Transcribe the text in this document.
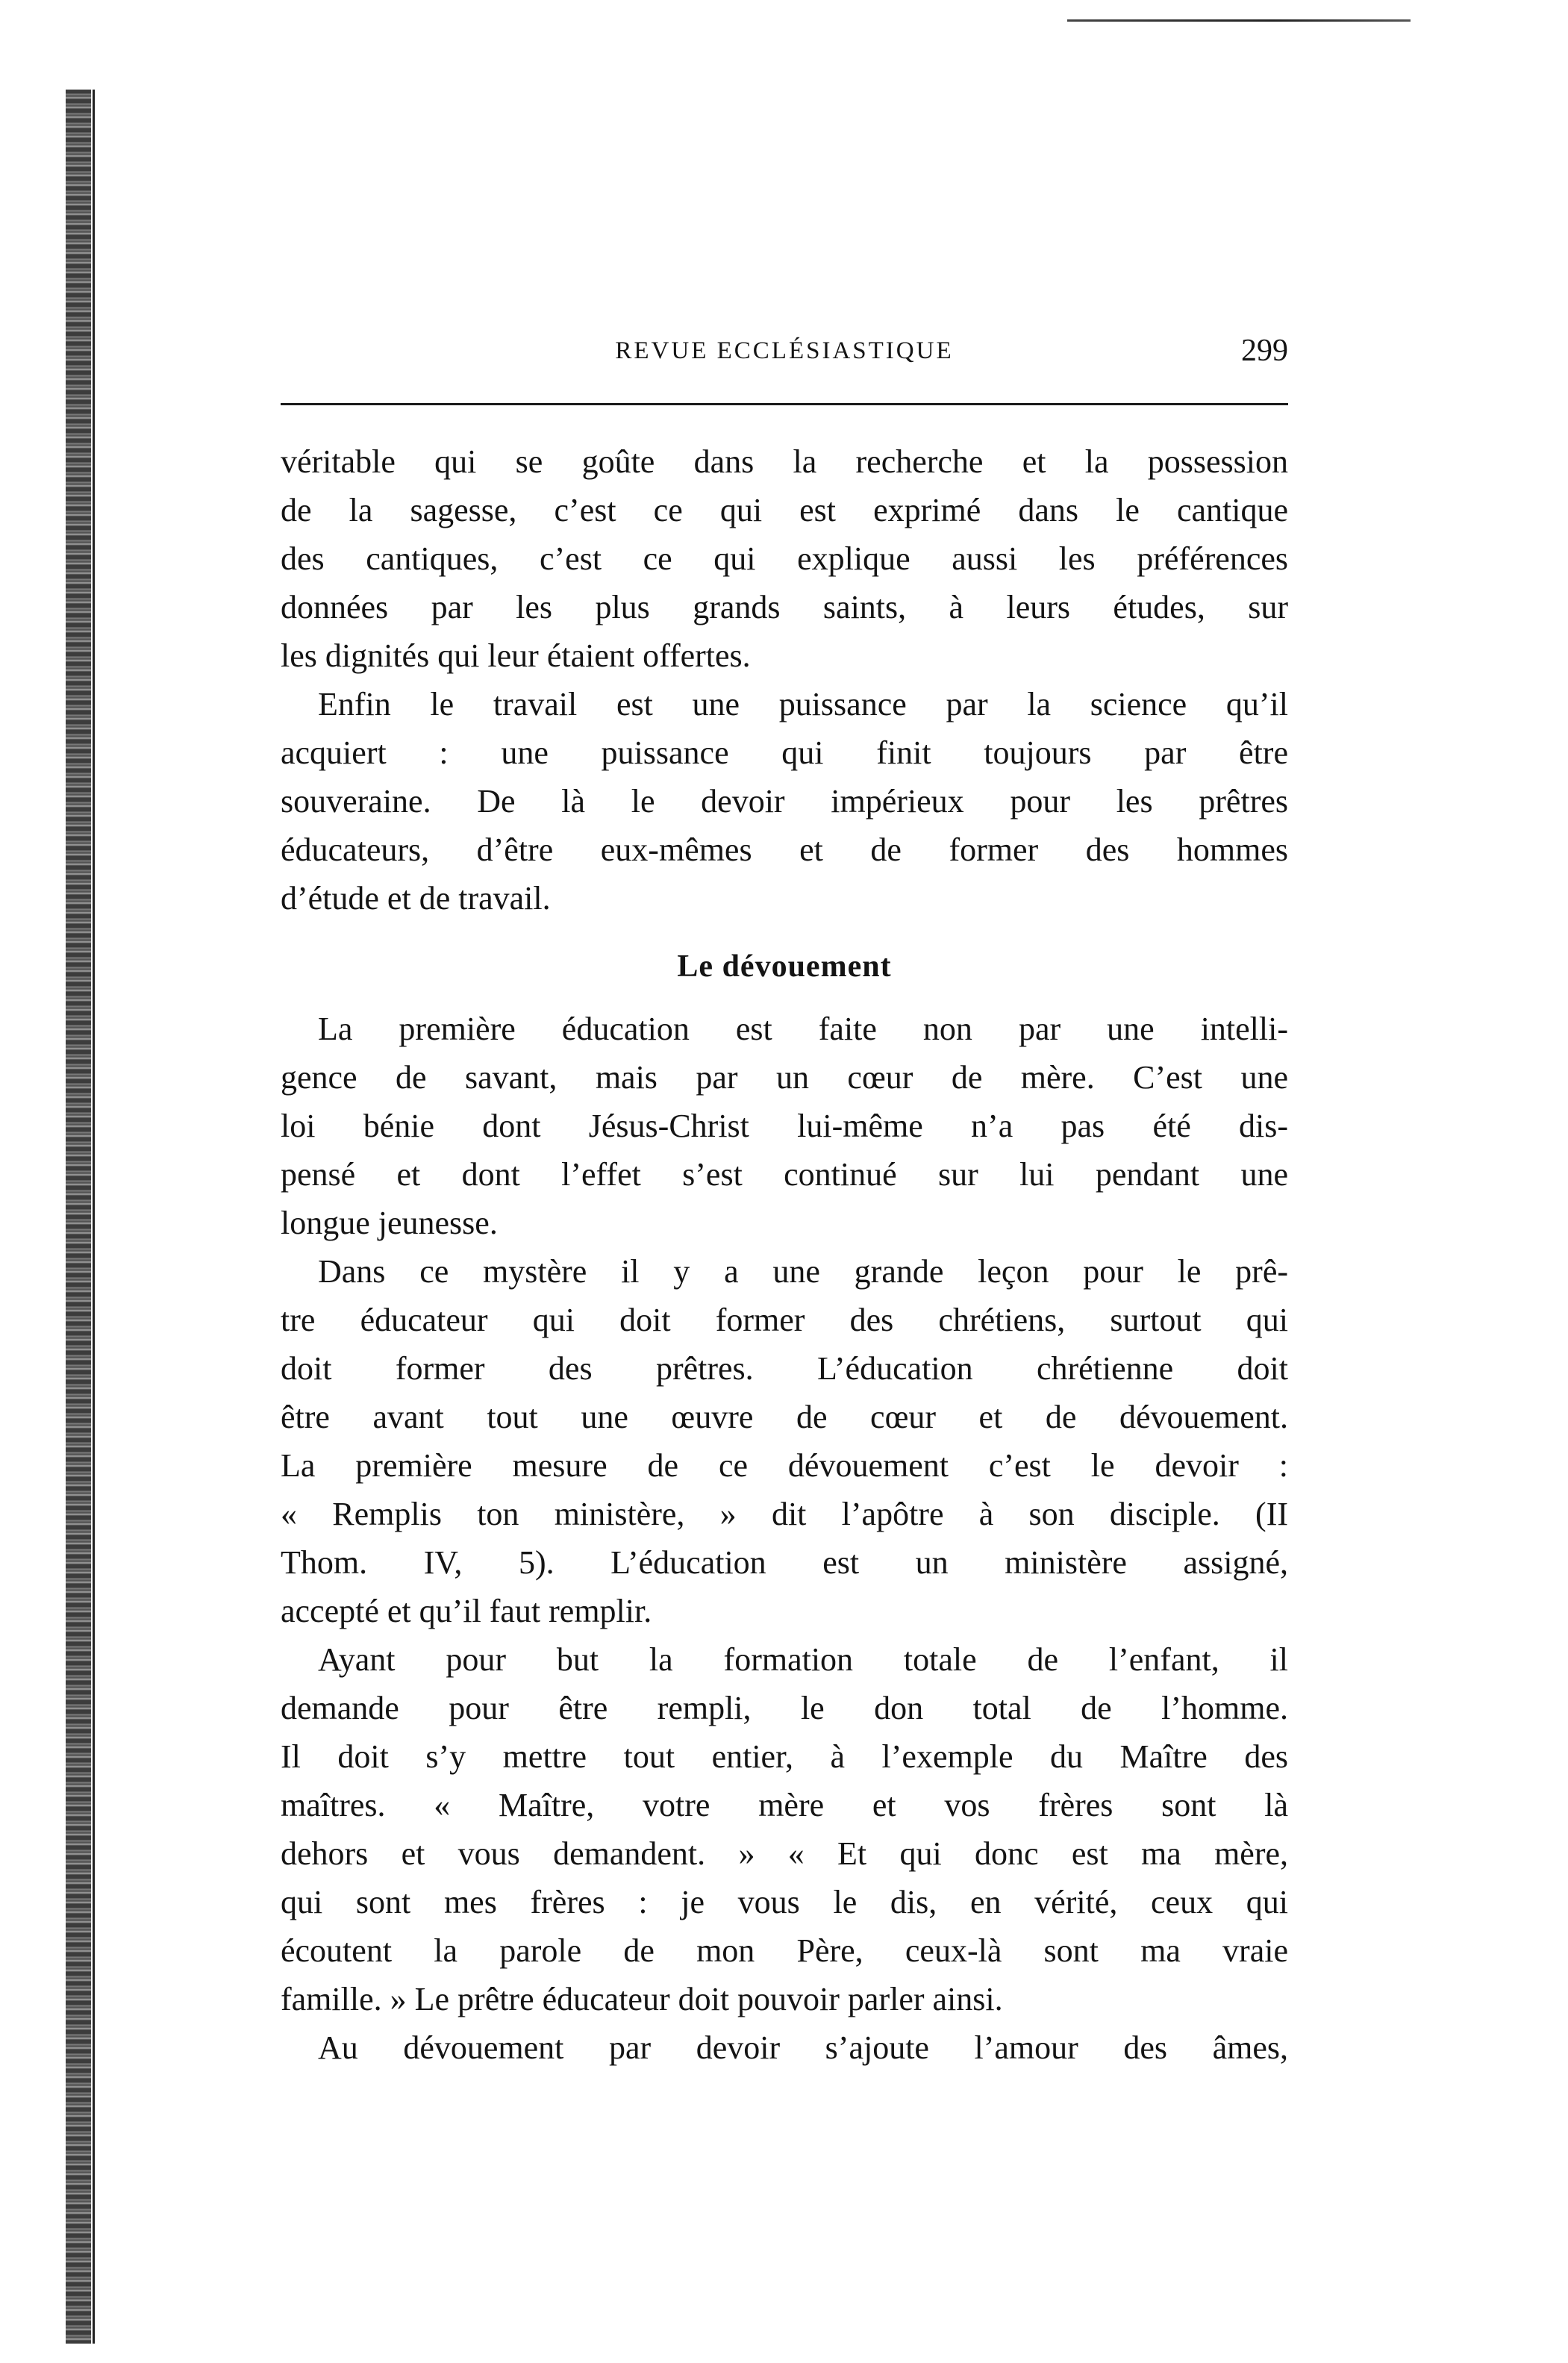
REVUE ECCLÉSIASTIQUE	299
véritable qui se goûte dans la recherche et la possession
de la sagesse, c’est ce qui est exprimé dans le cantique
des cantiques, c’est ce qui explique aussi les préférences
données par les plus grands saints, à leurs études, sur
les dignités qui leur étaient offertes.
Enfin le travail est une puissance par la science qu’il
acquiert : une puissance qui finit toujours par être
souveraine. De là le devoir impérieux pour les prêtres
éducateurs, d’être eux-mêmes et de former des hommes
d’étude et de travail.
Le dévouement
La première éducation est faite non par une intelli-
gence de savant, mais par un cœur de mère. C’est une
loi bénie dont Jésus-Christ lui-même n’a pas été dis-
pensé et dont l’effet s’est continué sur lui pendant une
longue jeunesse.
Dans ce mystère il y a une grande leçon pour le prê-
tre éducateur qui doit former des chrétiens, surtout qui
doit former des prêtres. L’éducation chrétienne doit
être avant tout une œuvre de cœur et de dévouement.
La première mesure de ce dévouement c’est le devoir :
« Remplis ton ministère, » dit l’apôtre à son disciple. (II
Thom. IV, 5). L’éducation est un ministère assigné,
accepté et qu’il faut remplir.
Ayant pour but la formation totale de l’enfant, il
demande pour être rempli, le don total de l’homme.
Il doit s’y mettre tout entier, à l’exemple du Maître des
maîtres. « Maître, votre mère et vos frères sont là
dehors et vous demandent. » « Et qui donc est ma mère,
qui sont mes frères : je vous le dis, en vérité, ceux qui
écoutent la parole de mon Père, ceux-là sont ma vraie
famille. » Le prêtre éducateur doit pouvoir parler ainsi.
Au dévouement par devoir s’ajoute l’amour des âmes,
